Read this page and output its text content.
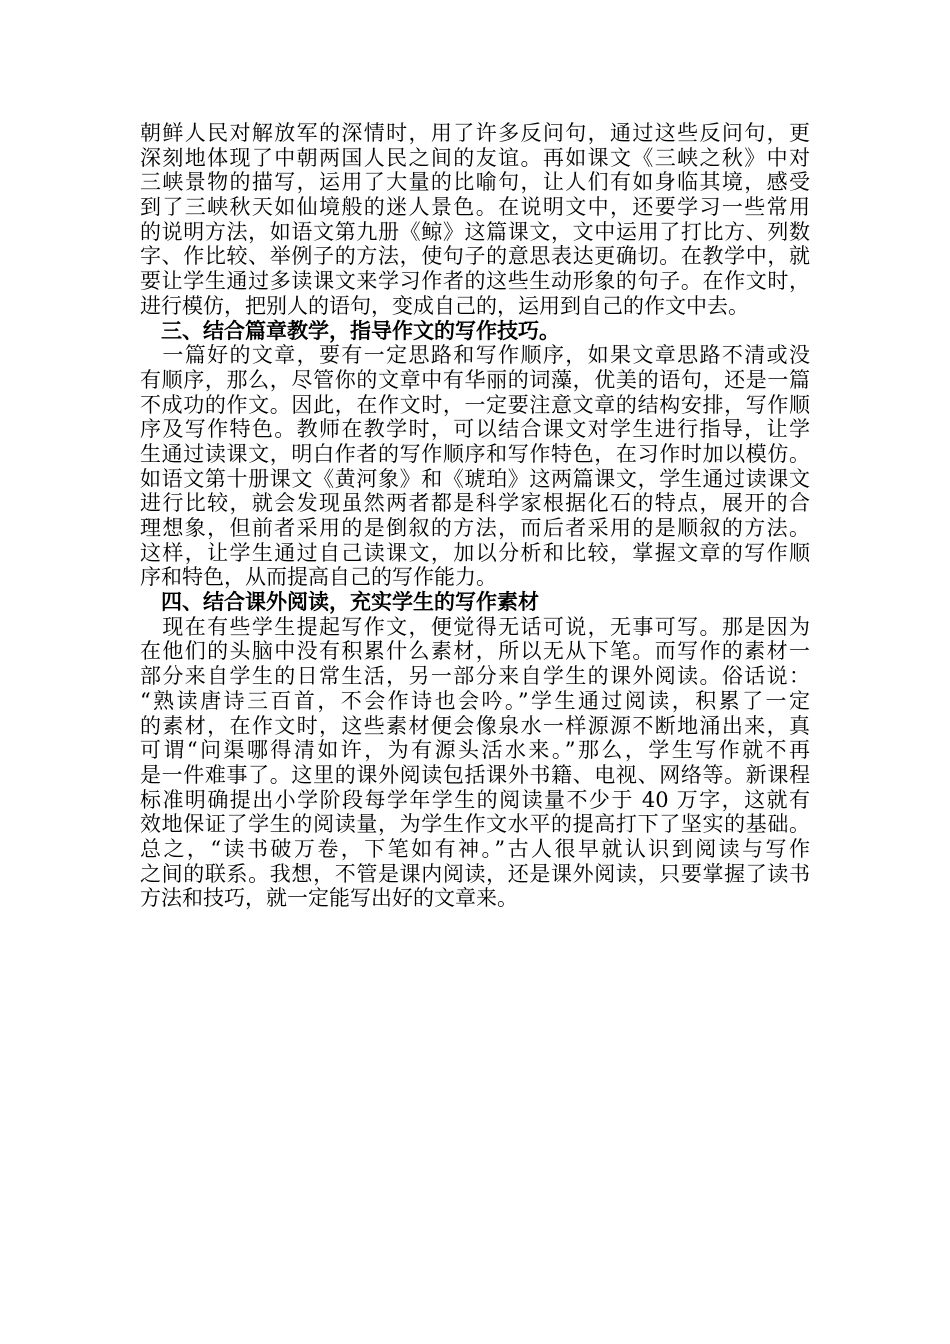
朝鲜人民对解放军的深情时，用了许多反问句，通过这些反问句，更
深刻地体现了中朝两国人民之间的友谊。再如课文《三峡之秋》中对
三峡景物的描写，运用了大量的比喻句，让人们有如身临其境，感受
到了三峡秋天如仙境般的迷人景色。在说明文中，还要学习一些常用
的说明方法，如语文第九册《鲸》这篇课文，文中运用了打比方、列数
字、作比较、举例子的方法，使句子的意思表达更确切。在教学中，就
要让学生通过多读课文来学习作者的这些生动形象的句子。在作文时，
进行模仿，把别人的语句，变成自己的，运用到自己的作文中去。
　三、结合篇章教学，指导作文的写作技巧。
　一篇好的文章，要有一定思路和写作顺序，如果文章思路不清或没
有顺序，那么，尽管你的文章中有华丽的词藻，优美的语句，还是一篇
不成功的作文。因此，在作文时，一定要注意文章的结构安排，写作顺
序及写作特色。教师在教学时，可以结合课文对学生进行指导，让学
生通过读课文，明白作者的写作顺序和写作特色，在习作时加以模仿。
如语文第十册课文《黄河象》和《琥珀》这两篇课文，学生通过读课文
进行比较，就会发现虽然两者都是科学家根据化石的特点，展开的合
理想象，但前者采用的是倒叙的方法，而后者采用的是顺叙的方法。
这样，让学生通过自己读课文，加以分析和比较，掌握文章的写作顺
序和特色，从而提高自己的写作能力。
　四、结合课外阅读，充实学生的写作素材
　现在有些学生提起写作文，便觉得无话可说，无事可写。那是因为
在他们的头脑中没有积累什么素材，所以无从下笔。而写作的素材一
部分来自学生的日常生活，另一部分来自学生的课外阅读。俗话说：
“熟读唐诗三百首，不会作诗也会吟。”学生通过阅读，积累了一定
的素材，在作文时，这些素材便会像泉水一样源源不断地涌出来，真
可谓“问渠哪得清如许，为有源头活水来。”那么，学生写作就不再
是一件难事了。这里的课外阅读包括课外书籍、电视、网络等。新课程
标准明确提出小学阶段每学年学生的阅读量不少于 40 万字，这就有
效地保证了学生的阅读量，为学生作文水平的提高打下了坚实的基础。
总之，“读书破万卷，下笔如有神。”古人很早就认识到阅读与写作
之间的联系。我想，不管是课内阅读，还是课外阅读，只要掌握了读书
方法和技巧，就一定能写出好的文章来。
